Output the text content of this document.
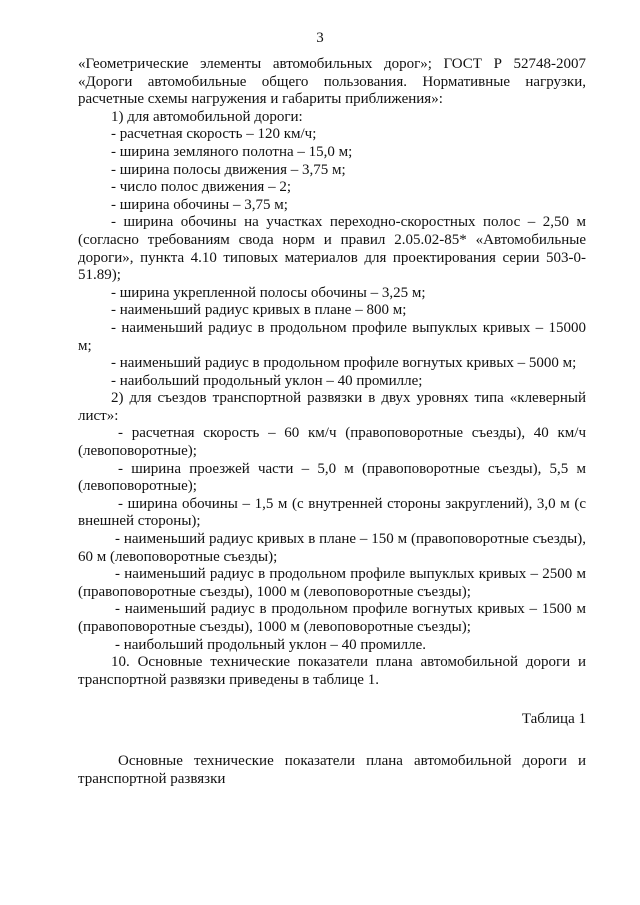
3

«Геометрические элементы автомобильных дорог»; ГОСТ Р 52748-2007 «Дороги автомобильные общего пользования. Нормативные нагрузки, расчетные схемы нагружения и габариты приближения»:

1) для автомобильной дороги:

- расчетная скорость – 120 км/ч;

- ширина земляного полотна – 15,0 м;

- ширина полосы движения – 3,75 м;

- число полос движения – 2;

- ширина обочины – 3,75 м;

- ширина обочины на участках переходно-скоростных полос – 2,50 м (согласно требованиям свода норм и правил 2.05.02-85* «Автомобильные дороги», пункта 4.10 типовых материалов для проектирования серии 503-0-51.89);

- ширина укрепленной полосы обочины – 3,25 м;

- наименьший радиус кривых в плане – 800 м;

- наименьший радиус в продольном профиле выпуклых кривых – 15000 м;

- наименьший радиус в продольном профиле вогнутых кривых – 5000 м;

- наибольший продольный уклон – 40 промилле;

2) для съездов транспортной развязки в двух уровнях типа «клеверный лист»:

- расчетная скорость – 60 км/ч (правоповоротные съезды), 40 км/ч (левоповоротные);

- ширина проезжей части – 5,0 м (правоповоротные съезды), 5,5 м (левоповоротные);

- ширина обочины – 1,5 м (с внутренней стороны закруглений), 3,0 м (с внешней стороны);

- наименьший радиус кривых в плане – 150 м (правоповоротные съезды), 60 м (левоповоротные съезды);

- наименьший радиус в продольном профиле выпуклых кривых – 2500 м (правоповоротные съезды), 1000 м (левоповоротные съезды);

- наименьший радиус в продольном профиле вогнутых кривых – 1500 м (правоповоротные съезды), 1000 м (левоповоротные съезды);

- наибольший продольный уклон – 40 промилле.

10. Основные технические показатели плана автомобильной дороги и транспортной развязки приведены в таблице 1.

Таблица 1

Основные технические показатели плана автомобильной дороги и транспортной развязки
